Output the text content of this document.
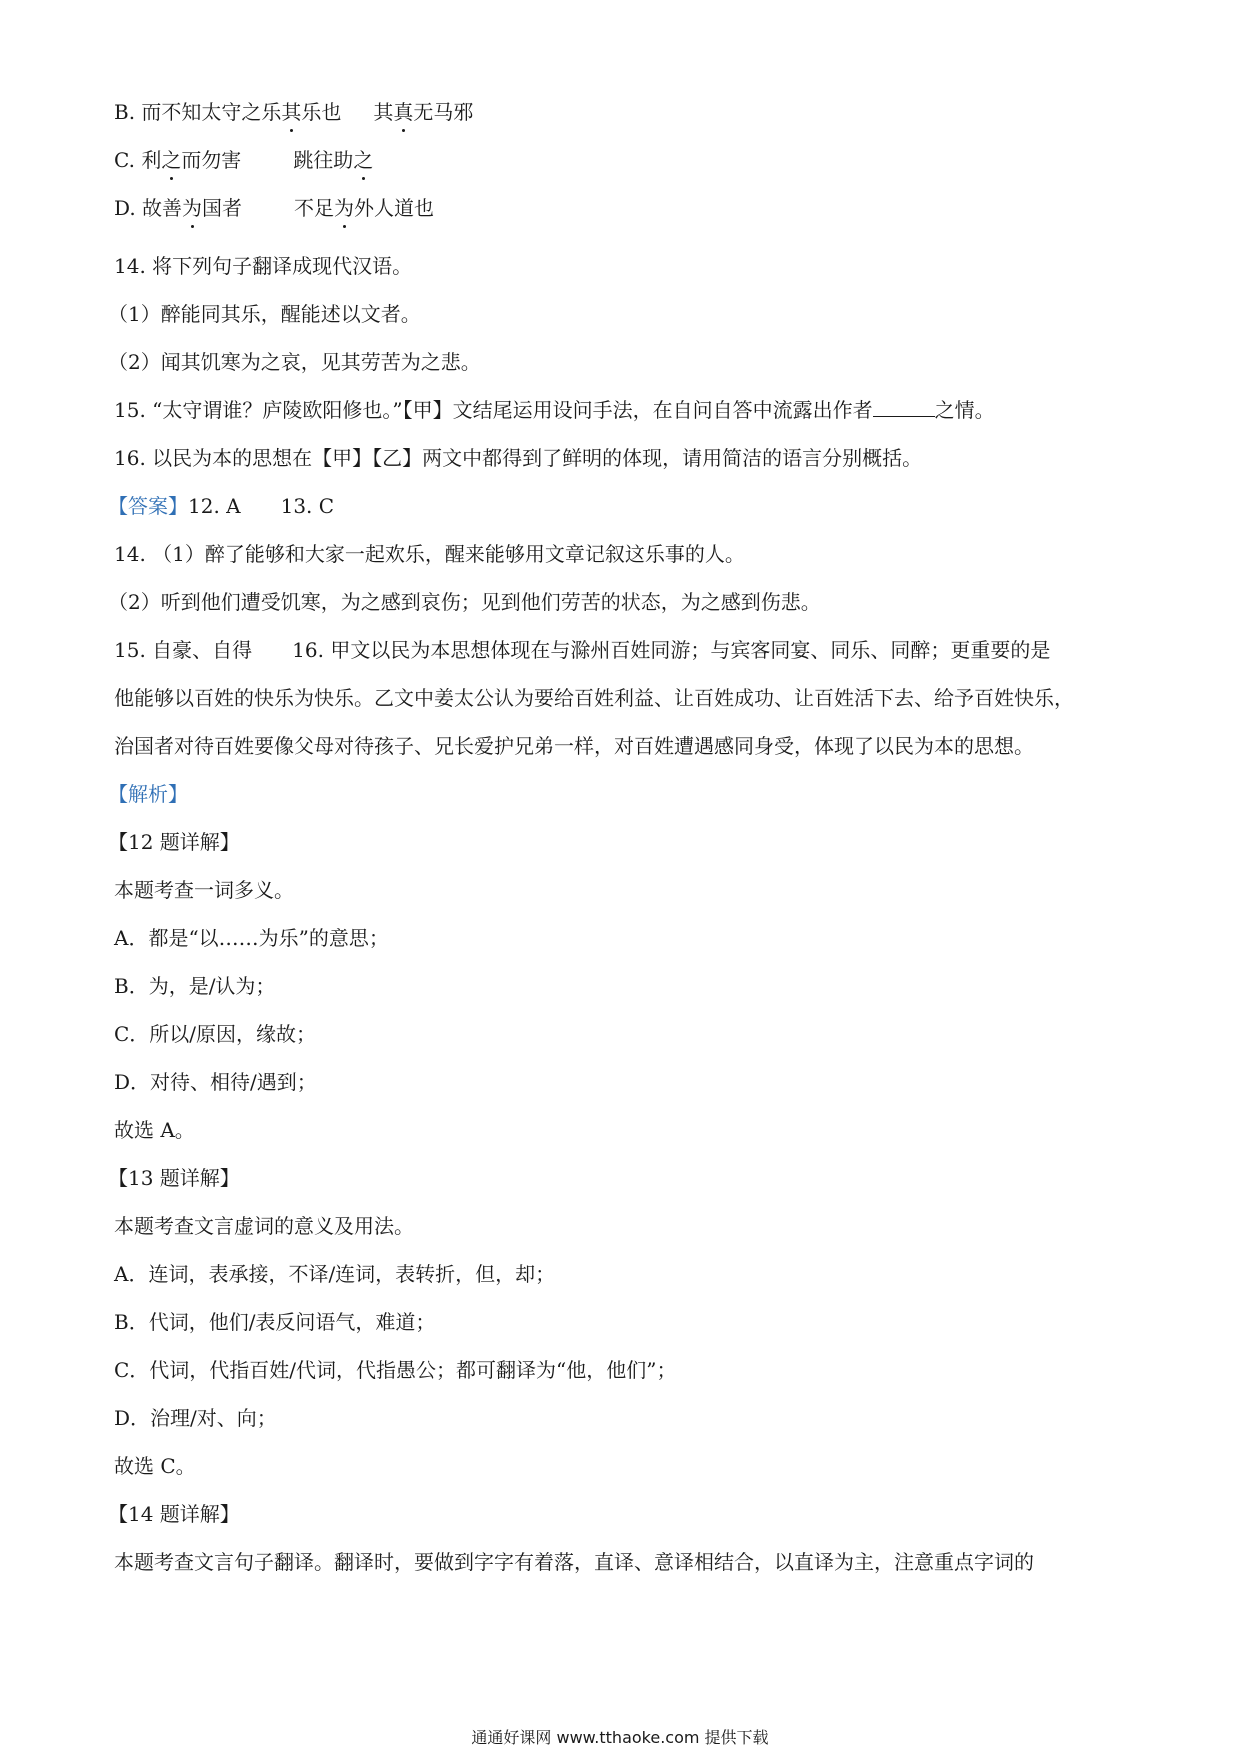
B. 而不知太守之乐其乐也 其真无马邪
C. 利之而勿害	跳往助之
D. 故善为国者	不足为外人道也
14. 将下列句子翻译成现代汉语。
（1）醉能同其乐，醒能述以文者。
（2）闻其饥寒为之哀，见其劳苦为之悲。
15. “太守谓谁？庐陵欧阳修也。”【甲】文结尾运用设问手法，在自问自答中流露出作者	之情。
16. 以民为本的思想在【甲】【乙】两文中都得到了鲜明的体现，请用简洁的语言分别概括。
【答案】12. A 13. C
14. （1）醉了能够和大家一起欢乐，醒来能够用文章记叙这乐事的人。
（2）听到他们遭受饥寒，为之感到哀伤；见到他们劳苦的状态，为之感到伤悲。
15. 自豪、自得 16. 甲文以民为本思想体现在与滁州百姓同游；与宾客同宴、同乐、同醉；更重要的是
他能够以百姓的快乐为快乐。乙文中姜太公认为要给百姓利益、让百姓成功、让百姓活下去、给予百姓快乐，
治国者对待百姓要像父母对待孩子、兄长爱护兄弟一样，对百姓遭遇感同身受，体现了以民为本的思想。
【解析】
【12 题详解】
本题考查一词多义。
A．都是“以……为乐”的意思；
B．为，是/认为；
C．所以/原因，缘故；
D．对待、相待/遇到；
故选 A。
【13 题详解】
本题考查文言虚词的意义及用法。
A．连词，表承接，不译/连词，表转折，但，却；
B．代词，他们/表反问语气，难道；
C．代词，代指百姓/代词，代指愚公；都可翻译为“他，他们”；
D．治理/对、向；
故选 C。
【14 题详解】
本题考查文言句子翻译。翻译时，要做到字字有着落，直译、意译相结合，以直译为主，注意重点字词的
通通好课网 www.tthaoke.com 提供下载
